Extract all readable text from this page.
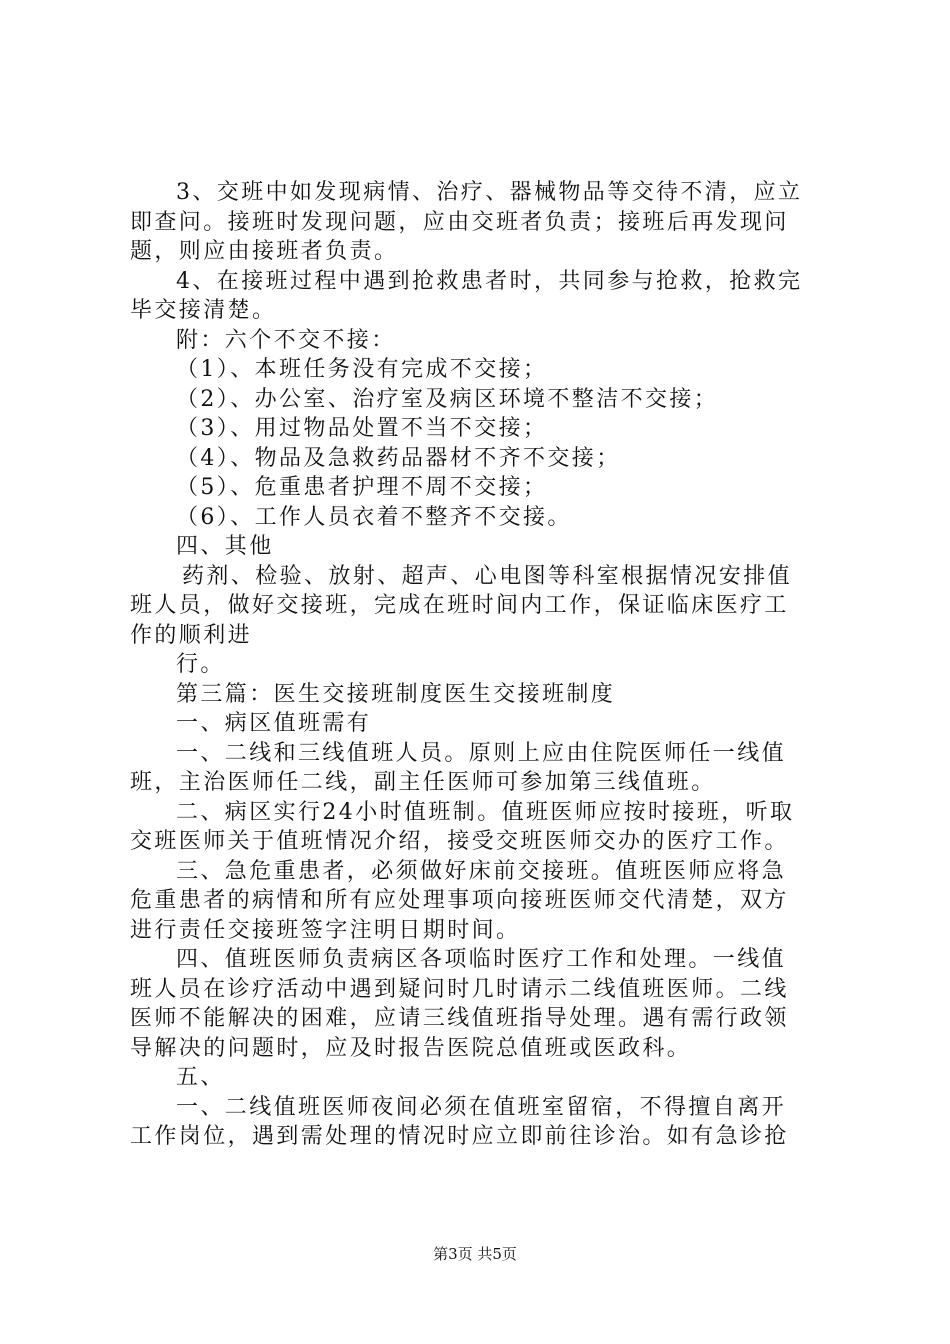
3、交班中如发现病情、治疗、器械物品等交待不清，应立
即查问。接班时发现问题，应由交班者负责；接班后再发现问
题，则应由接班者负责。
4、在接班过程中遇到抢救患者时，共同参与抢救，抢救完
毕交接清楚。
附：六个不交不接：
（1）、本班任务没有完成不交接；
（2）、办公室、治疗室及病区环境不整洁不交接；
（3）、用过物品处置不当不交接；
（4）、物品及急救药品器材不齐不交接；
（5）、危重患者护理不周不交接；
（6）、工作人员衣着不整齐不交接。
四、其他
药剂、检验、放射、超声、心电图等科室根据情况安排值
班人员，做好交接班，完成在班时间内工作，保证临床医疗工
作的顺利进
行。
第三篇：医生交接班制度医生交接班制度
一、病区值班需有
一、二线和三线值班人员。原则上应由住院医师任一线值
班，主治医师任二线，副主任医师可参加第三线值班。
二、病区实行24小时值班制。值班医师应按时接班，听取
交班医师关于值班情况介绍，接受交班医师交办的医疗工作。
三、急危重患者，必须做好床前交接班。值班医师应将急
危重患者的病情和所有应处理事项向接班医师交代清楚，双方
进行责任交接班签字注明日期时间。
四、值班医师负责病区各项临时医疗工作和处理。一线值
班人员在诊疗活动中遇到疑问时几时请示二线值班医师。二线
医师不能解决的困难，应请三线值班指导处理。遇有需行政领
导解决的问题时，应及时报告医院总值班或医政科。
五、
一、二线值班医师夜间必须在值班室留宿，不得擅自离开
工作岗位，遇到需处理的情况时应立即前往诊治。如有急诊抢
第3页 共5页
